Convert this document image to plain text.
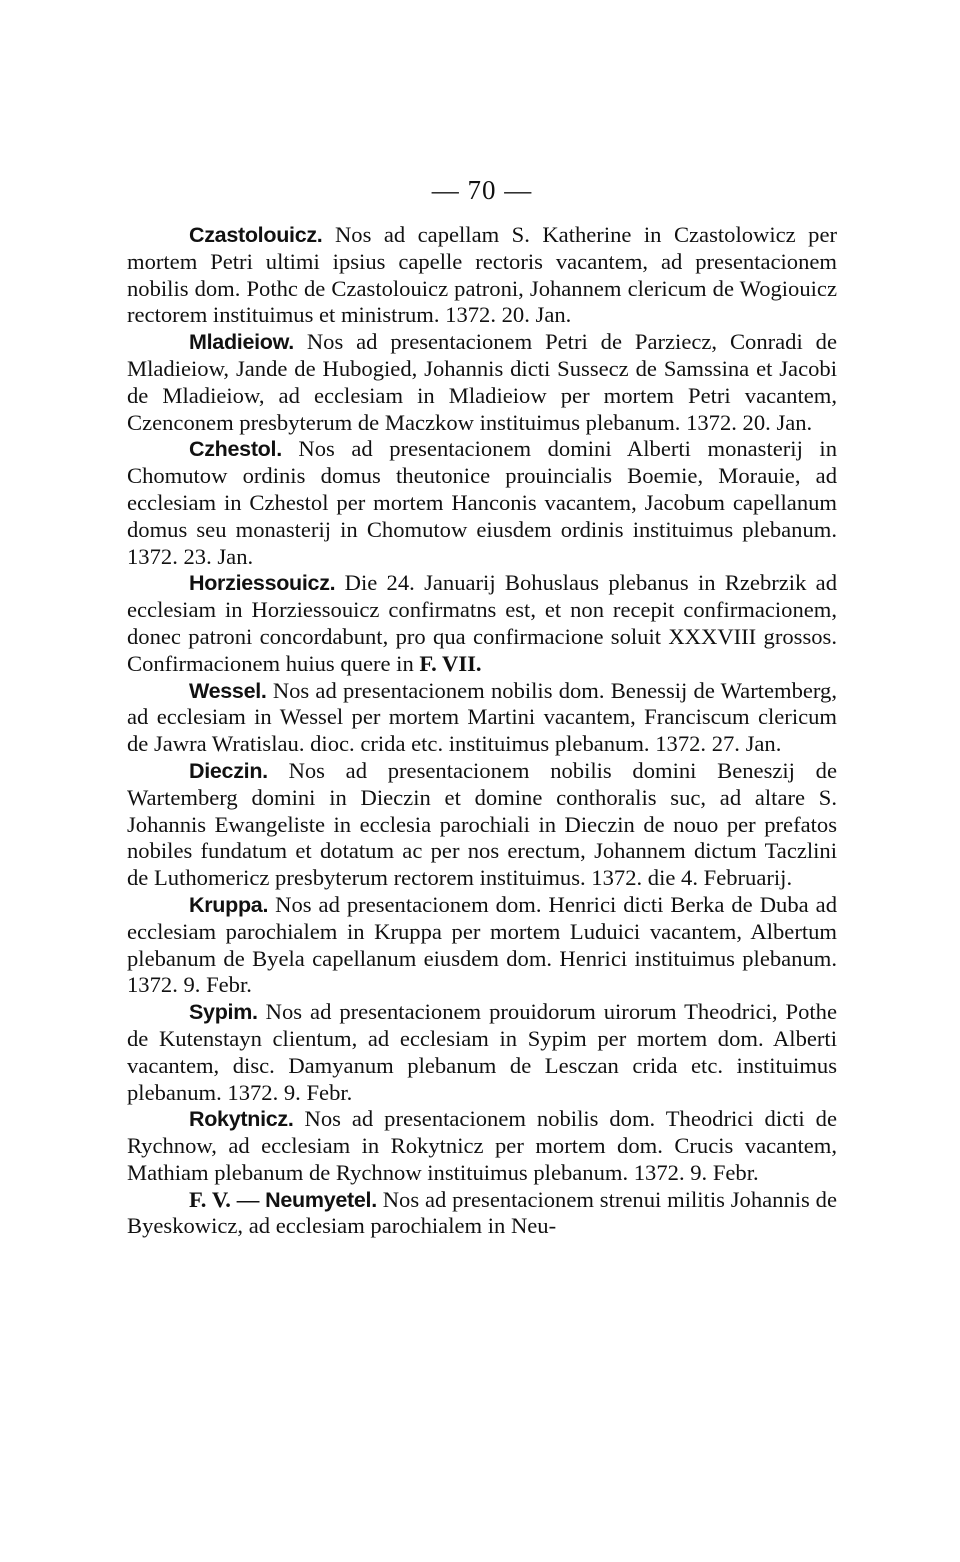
— 70 —

Czastolouicz. Nos ad capellam S. Katherine in Czastolowicz per mortem Petri ultimi ipsius capelle rectoris vacantem, ad presentacionem nobilis dom. Pothc de Czastolouicz patroni, Johannem clericum de Wogiouicz rectorem instituimus et ministrum. 1372. 20. Jan.

Mladieiow. Nos ad presentacionem Petri de Parziecz, Conradi de Mladieiow, Jande de Hubogied, Johannis dicti Sussecz de Samssina et Jacobi de Mladieiow, ad ecclesiam in Mladieiow per mortem Petri vacantem, Czenconem presbyterum de Maczkow instituimus plebanum. 1372. 20. Jan.

Czhestol. Nos ad presentacionem domini Alberti monasterij in Chomutow ordinis domus theutonice prouincialis Boemie, Morauie, ad ecclesiam in Czhestol per mortem Hanconis vacantem, Jacobum capellanum domus seu monasterij in Chomutow eiusdem ordinis instituimus plebanum. 1372. 23. Jan.

Horziessouicz. Die 24. Januarij Bohuslaus plebanus in Rzebrzik ad ecclesiam in Horziessouicz confirmatns est, et non recepit confirmacionem, donec patroni concordabunt, pro qua confirmacione soluit XXXVIII grossos. Confirmacionem huius quere in F. VII.

Wessel. Nos ad presentacionem nobilis dom. Benessij de Wartemberg, ad ecclesiam in Wessel per mortem Martini vacantem, Franciscum clericum de Jawra Wratislau. dioc. crida etc. instituimus plebanum. 1372. 27. Jan.

Dieczin. Nos ad presentacionem nobilis domini Beneszij de Wartemberg domini in Dieczin et domine conthoralis suc, ad altare S. Johannis Ewangeliste in ecclesia parochiali in Dieczin de nouo per prefatos nobiles fundatum et dotatum ac per nos erectum, Johannem dictum Taczlini de Luthomericz presbyterum rectorem instituimus. 1372. die 4. Februarij.

Kruppa. Nos ad presentacionem dom. Henrici dicti Berka de Duba ad ecclesiam parochialem in Kruppa per mortem Luduici vacantem, Albertum plebanum de Byela capellanum eiusdem dom. Henrici instituimus plebanum. 1372. 9. Febr.

Sypim. Nos ad presentacionem prouidorum uirorum Theodrici, Pothe de Kutenstayn clientum, ad ecclesiam in Sypim per mortem dom. Alberti vacantem, disc. Damyanum plebanum de Lesczan crida etc. instituimus plebanum. 1372. 9. Febr.

Rokytnicz. Nos ad presentacionem nobilis dom. Theodrici dicti de Rychnow, ad ecclesiam in Rokytnicz per mortem dom. Crucis vacantem, Mathiam plebanum de Rychnow instituimus plebanum. 1372. 9. Febr.

F. V. — Neumyetel. Nos ad presentacionem strenui militis Johannis de Byeskowicz, ad ecclesiam parochialem in Neu-
